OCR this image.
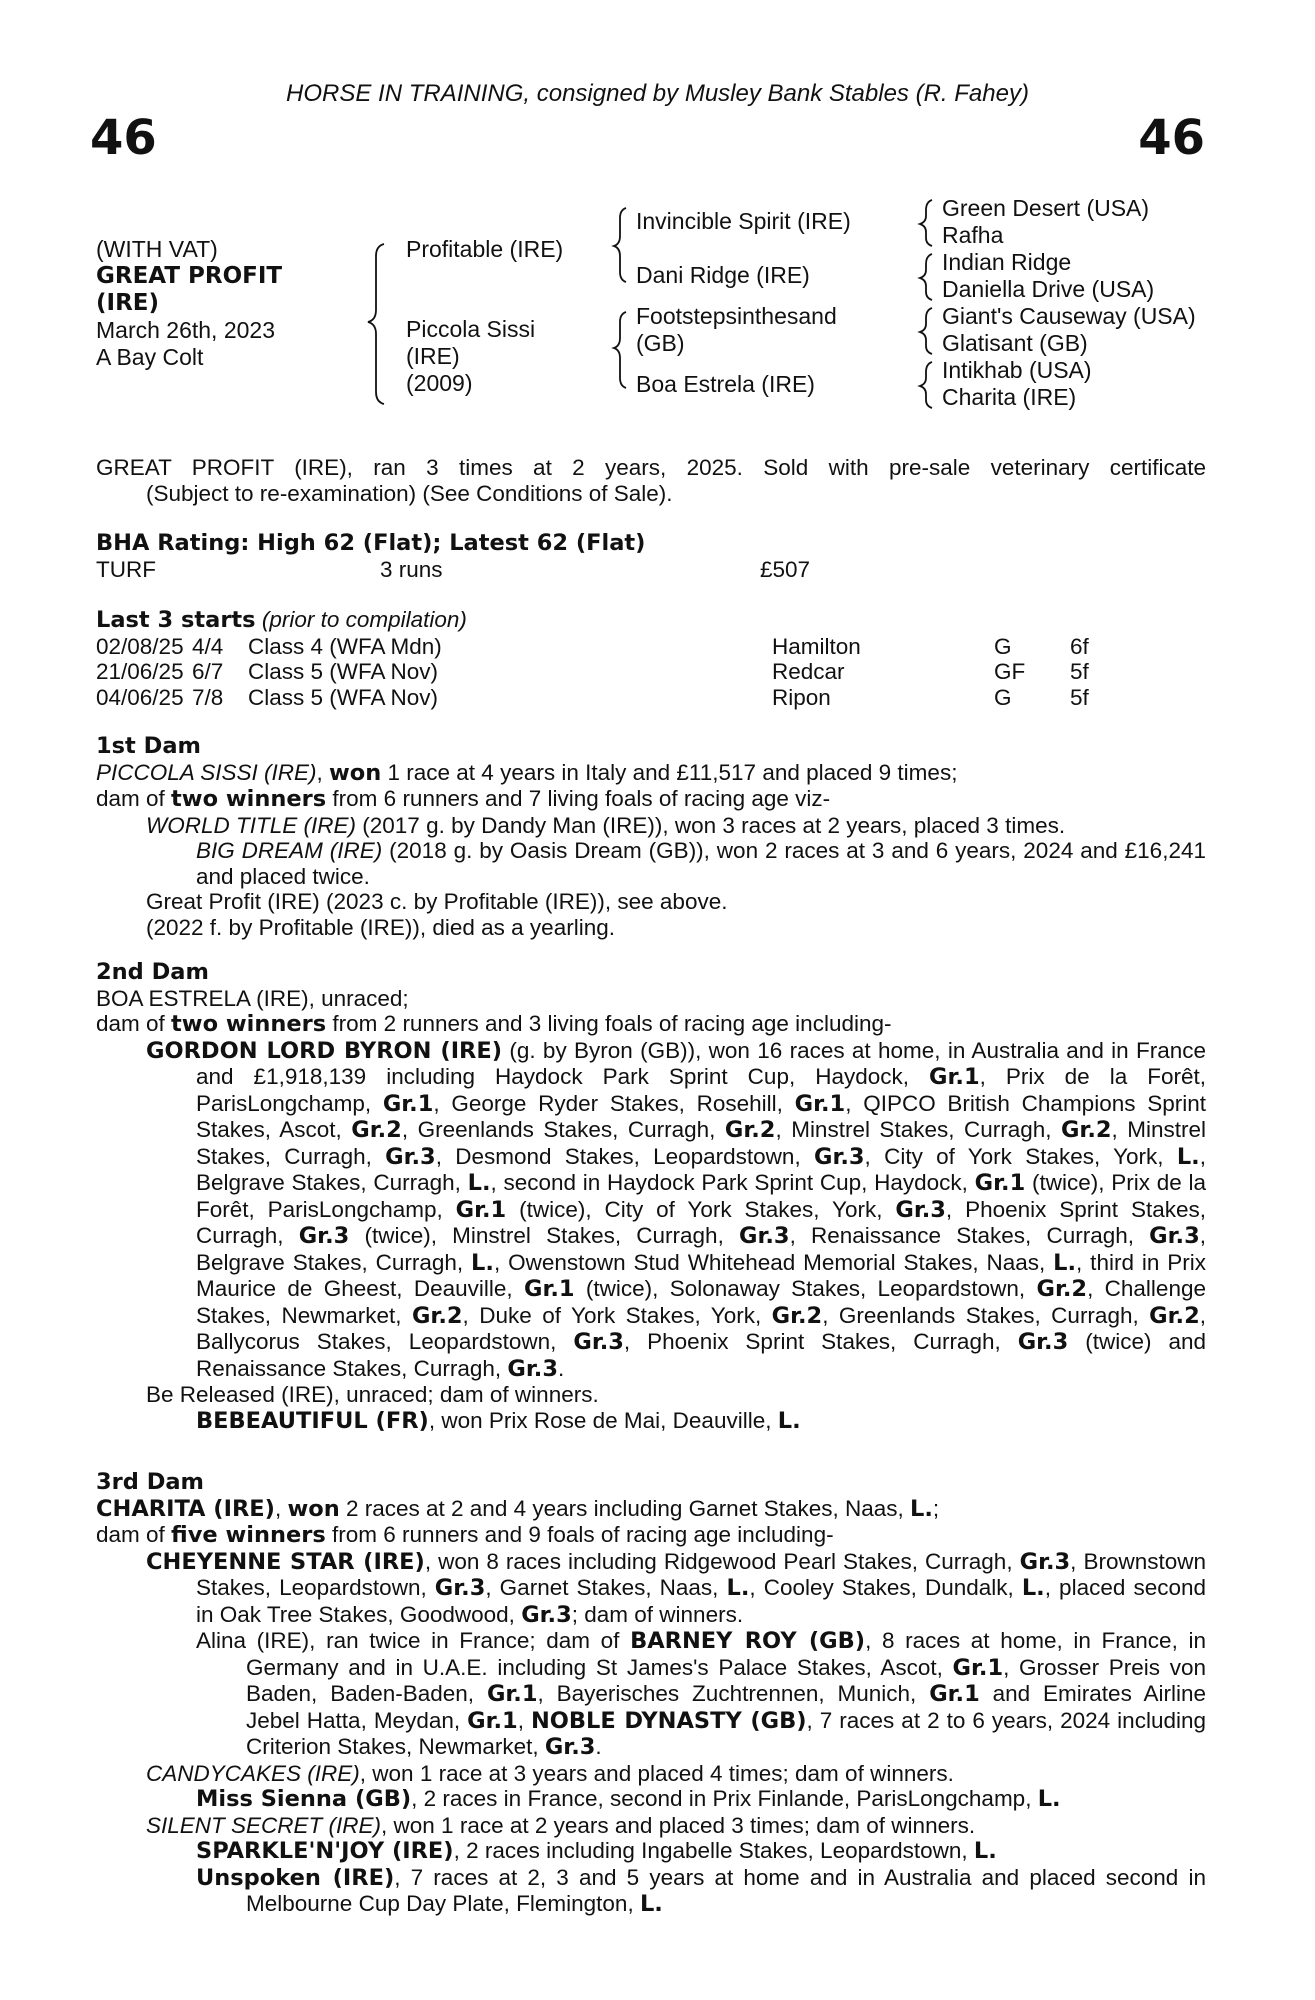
HORSE IN TRAINING, consigned by Musley Bank Stables (R. Fahey)
46	46
(WITH VAT)
GREAT PROFIT
(IRE)
March 26th, 2023
A Bay Colt
Profitable (IRE)
Piccola Sissi
(IRE)
(2009)
Invincible Spirit (IRE)
Dani Ridge (IRE)
Footstepsinthesand
(GB)
Boa Estrela (IRE)
Green Desert (USA)
Rafha
Indian Ridge
Daniella Drive (USA)
Giant's Causeway (USA)
Glatisant (GB)
Intikhab (USA)
Charita (IRE)

GREAT PROFIT (IRE), ran 3 times at 2 years, 2025. Sold with pre-sale veterinary certificate

(Subject to re-examination) (See Conditions of Sale).

BHA Rating: High 62 (Flat); Latest 62 (Flat)
TURF	3 runs	£507
Last 3 starts (prior to compilation)
02/08/25	4/4	Class 4 (WFA Mdn)	Hamilton	G	6f
21/06/25	6/7	Class 5 (WFA Nov)	Redcar	GF	5f
04/06/25	7/8	Class 5 (WFA Nov)	Ripon	G	5f
1st Dam

PICCOLA SISSI (IRE), won 1 race at 4 years in Italy and £11,517 and placed 9 times;

dam of two winners from 6 runners and 7 living foals of racing age viz-

WORLD TITLE (IRE) (2017 g. by Dandy Man (IRE)), won 3 races at 2 years, placed 3 times.

BIG DREAM (IRE) (2018 g. by Oasis Dream (GB)), won 2 races at 3 and 6 years, 2024 and £16,241 and placed twice.

Great Profit (IRE) (2023 c. by Profitable (IRE)), see above.

(2022 f. by Profitable (IRE)), died as a yearling.

2nd Dam

BOA ESTRELA (IRE), unraced;

dam of two winners from 2 runners and 3 living foals of racing age including-

GORDON LORD BYRON (IRE) (g. by Byron (GB)), won 16 races at home, in Australia and in France and £1,918,139 including Haydock Park Sprint Cup, Haydock, Gr.1, Prix de la Forêt, ParisLongchamp, Gr.1, George Ryder Stakes, Rosehill, Gr.1, QIPCO British Champions Sprint Stakes, Ascot, Gr.2, Greenlands Stakes, Curragh, Gr.2, Minstrel Stakes, Curragh, Gr.2, Minstrel Stakes, Curragh, Gr.3, Desmond Stakes, Leopardstown, Gr.3, City of York Stakes, York, L., Belgrave Stakes, Curragh, L., second in Haydock Park Sprint Cup, Haydock, Gr.1 (twice), Prix de la Forêt, ParisLongchamp, Gr.1 (twice), City of York Stakes, York, Gr.3, Phoenix Sprint Stakes, Curragh, Gr.3 (twice), Minstrel Stakes, Curragh, Gr.3, Renaissance Stakes, Curragh, Gr.3, Belgrave Stakes, Curragh, L., Owenstown Stud Whitehead Memorial Stakes, Naas, L., third in Prix Maurice de Gheest, Deauville, Gr.1 (twice), Solonaway Stakes, Leopardstown, Gr.2, Challenge Stakes, Newmarket, Gr.2, Duke of York Stakes, York, Gr.2, Greenlands Stakes, Curragh, Gr.2, Ballycorus Stakes, Leopardstown, Gr.3, Phoenix Sprint Stakes, Curragh, Gr.3 (twice) and Renaissance Stakes, Curragh, Gr.3.

Be Released (IRE), unraced; dam of winners.

BEBEAUTIFUL (FR), won Prix Rose de Mai, Deauville, L.

3rd Dam

CHARITA (IRE), won 2 races at 2 and 4 years including Garnet Stakes, Naas, L.;

dam of five winners from 6 runners and 9 foals of racing age including-

CHEYENNE STAR (IRE), won 8 races including Ridgewood Pearl Stakes, Curragh, Gr.3, Brownstown Stakes, Leopardstown, Gr.3, Garnet Stakes, Naas, L., Cooley Stakes, Dundalk, L., placed second in Oak Tree Stakes, Goodwood, Gr.3; dam of winners.

Alina (IRE), ran twice in France; dam of BARNEY ROY (GB), 8 races at home, in France, in Germany and in U.A.E. including St James's Palace Stakes, Ascot, Gr.1, Grosser Preis von Baden, Baden-Baden, Gr.1, Bayerisches Zuchtrennen, Munich, Gr.1 and Emirates Airline Jebel Hatta, Meydan, Gr.1, NOBLE DYNASTY (GB), 7 races at 2 to 6 years, 2024 including Criterion Stakes, Newmarket, Gr.3.

CANDYCAKES (IRE), won 1 race at 3 years and placed 4 times; dam of winners.

Miss Sienna (GB), 2 races in France, second in Prix Finlande, ParisLongchamp, L.

SILENT SECRET (IRE), won 1 race at 2 years and placed 3 times; dam of winners.

SPARKLE'N'JOY (IRE), 2 races including Ingabelle Stakes, Leopardstown, L.

Unspoken (IRE), 7 races at 2, 3 and 5 years at home and in Australia and placed second in Melbourne Cup Day Plate, Flemington, L.
